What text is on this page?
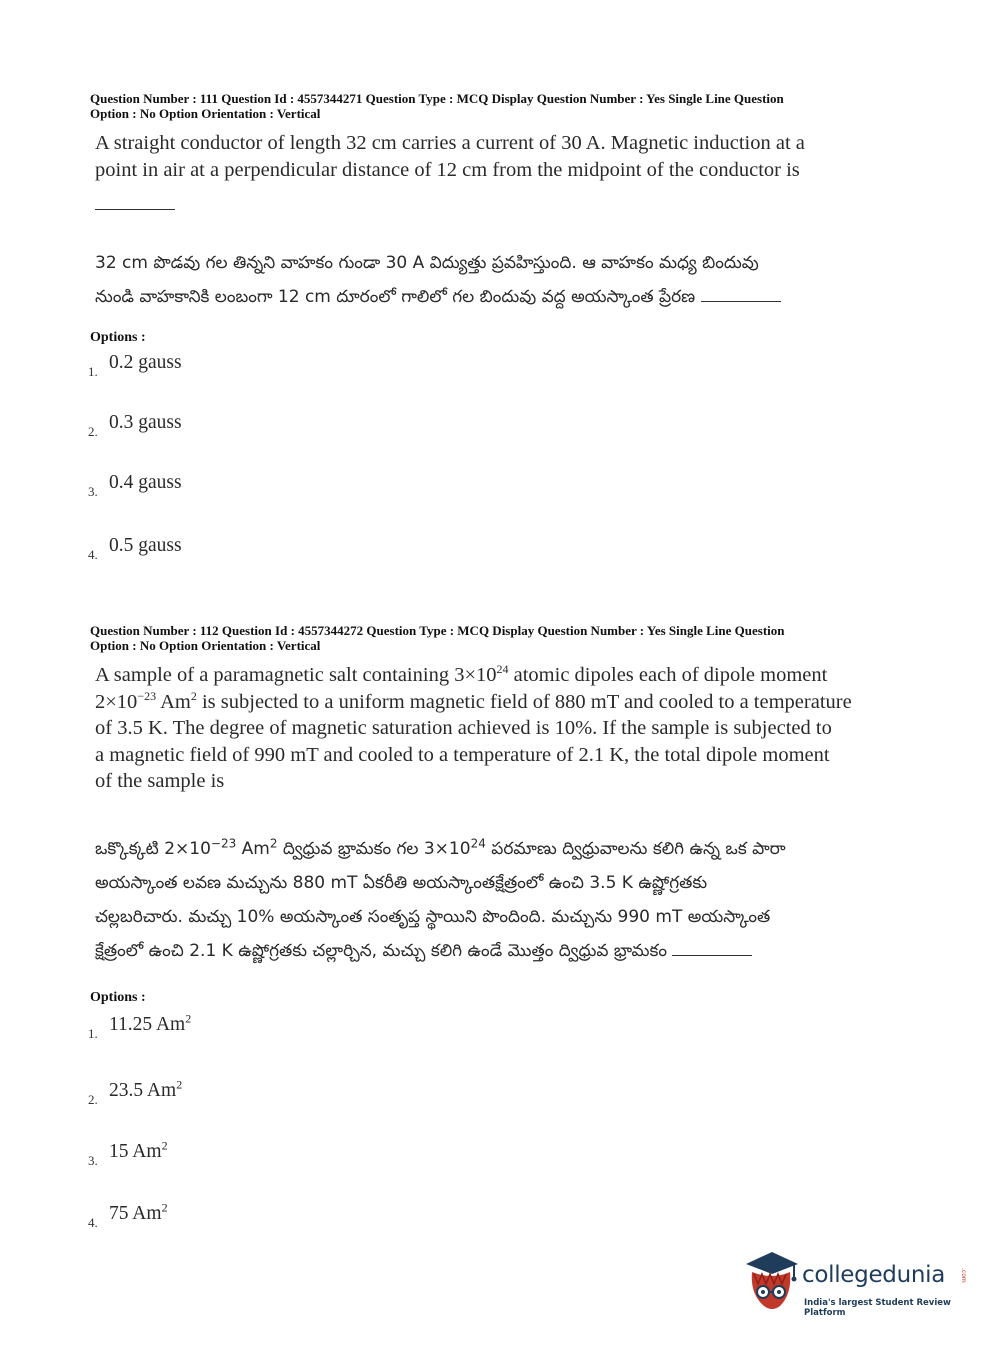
Question Number : 111 Question Id : 4557344271 Question Type : MCQ Display Question Number : Yes Single Line Question
Option : No Option Orientation : Vertical
A straight conductor of length 32 cm carries a current of 30 A. Magnetic induction at a
point in air at a perpendicular distance of 12 cm from the midpoint of the conductor is
32 cm పొడవు గల తిన్నని వాహకం గుండా 30 A విద్యుత్తు ప్రవహిస్తుంది. ఆ వాహకం మధ్య బిందువు
నుండి వాహకానికి లంబంగా 12 cm దూరంలో గాలిలో గల బిందువు వద్ద అయస్కాంత ప్రేరణ
Options :
1. 0.2 gauss
2. 0.3 gauss
3. 0.4 gauss
4. 0.5 gauss
Question Number : 112 Question Id : 4557344272 Question Type : MCQ Display Question Number : Yes Single Line Question
Option : No Option Orientation : Vertical
A sample of a paramagnetic salt containing $3\times 10^{24}$ atomic dipoles each of dipole moment
$2\times 10^{-23}$ Am$^2$ is subjected to a uniform magnetic field of 880 mT and cooled to a temperature
of 3.5 K. The degree of magnetic saturation achieved is 10%. If the sample is subjected to
a magnetic field of 990 mT and cooled to a temperature of 2.1 K, the total dipole moment
of the sample is
ఒక్కొక్కటి $2\times 10^{-23}$ Am$^2$ ద్విధ్రువ భ్రామకం గల $3\times 10^{24}$ పరమాణు ద్విధ్రువాలను కలిగి ఉన్న ఒక పారా
అయస్కాంత లవణ మచ్చును 880 mT ఏకరీతి అయస్కాంతక్షేత్రంలో ఉంచి 3.5 K ఉష్ణోగ్రతకు
చల్లబరిచారు. మచ్చు 10% అయస్కాంత సంతృప్త స్థాయిని పొందింది. మచ్చును 990 mT అయస్కాంత
క్షేత్రంలో ఉంచి 2.1 K ఉష్ణోగ్రతకు చల్లార్చిన, మచ్చు కలిగి ఉండే మొత్తం ద్విధ్రువ భ్రామకం
Options :
1. 11.25 Am$^2$
2. 23.5 Am$^2$
3. 15 Am$^2$
4. 75 Am$^2$
collegedunia .com
India's largest Student Review Platform
